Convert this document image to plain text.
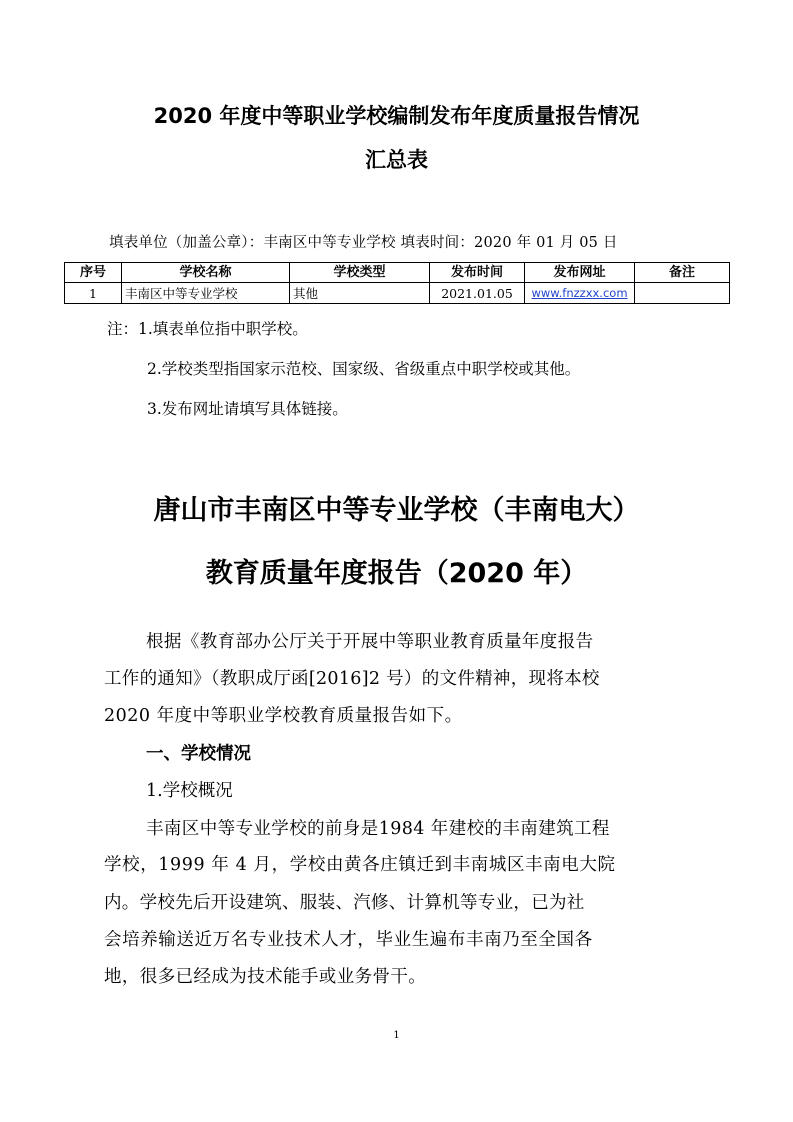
2020 年度中等职业学校编制发布年度质量报告情况
汇总表
填表单位（加盖公章）：丰南区中等专业学校 填表时间：2020 年 01 月 05 日
序号	学校名称	学校类型	发布时间	发布网址	备注
1	丰南区中等专业学校	其他	2021.01.05	www.fnzzxx.com	
注：1.填表单位指中职学校。
2.学校类型指国家示范校、国家级、省级重点中职学校或其他。
3.发布网址请填写具体链接。
唐山市丰南区中等专业学校（丰南电大）
教育质量年度报告（2020 年）
根据《教育部办公厅关于开展中等职业教育质量年度报告
工作的通知》（教职成厅函[2016]2 号）的文件精神，现将本校
2020 年度中等职业学校教育质量报告如下。
一、学校情况
1.学校概况
丰南区中等专业学校的前身是1984 年建校的丰南建筑工程
学校，1999 年 4 月，学校由黄各庄镇迁到丰南城区丰南电大院
内。学校先后开设建筑、服装、汽修、计算机等专业，已为社
会培养输送近万名专业技术人才，毕业生遍布丰南乃至全国各
地，很多已经成为技术能手或业务骨干。
1
